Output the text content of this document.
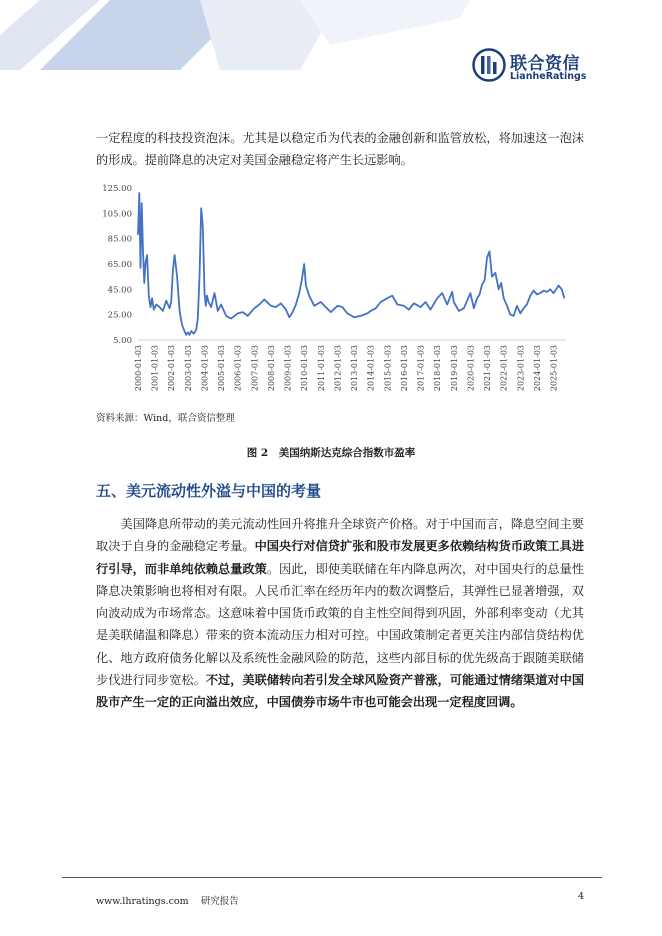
联合资信
LianheRatings
一定程度的科技投资泡沫。尤其是以稳定币为代表的金融创新和监管放松，将加速这一泡沫的形成。提前降息的决定对美国金融稳定将产生长远影响。
5.00
25.00
45.00
65.00
85.00
105.00
125.00
2000-01-03 2001-01-03 2002-01-03 2003-01-03 2004-01-03 2005-01-03 2006-01-03 2007-01-03 2008-01-03 2009-01-03 2010-01-03 2011-01-03 2012-01-03 2013-01-03 2014-01-03 2015-01-03 2016-01-03 2017-01-03 2018-01-03 2019-01-03 2020-01-03 2021-01-03 2022-01-03 2023-01-03 2024-01-03 2025-01-03
资料来源：Wind，联合资信整理
图 2　美国纳斯达克综合指数市盈率
五、美元流动性外溢与中国的考量
美国降息所带动的美元流动性回升将推升全球资产价格。对于中国而言，降息空间主要取决于自身的金融稳定考量。中国央行对信贷扩张和股市发展更多依赖结构货币政策工具进行引导，而非单纯依赖总量政策。因此，即使美联储在年内降息两次，对中国央行的总量性降息决策影响也将相对有限。人民币汇率在经历年内的数次调整后，其弹性已显著增强，双向波动成为市场常态。这意味着中国货币政策的自主性空间得到巩固，外部利率变动（尤其是美联储温和降息）带来的资本流动压力相对可控。中国政策制定者更关注内部信贷结构优化、地方政府债务化解以及系统性金融风险的防范，这些内部目标的优先级高于跟随美联储步伐进行同步宽松。不过，美联储转向若引发全球风险资产普涨，可能通过情绪渠道对中国股市产生一定的正向溢出效应，中国债券市场牛市也可能会出现一定程度回调。
www.lhratings.com 研究报告	4
